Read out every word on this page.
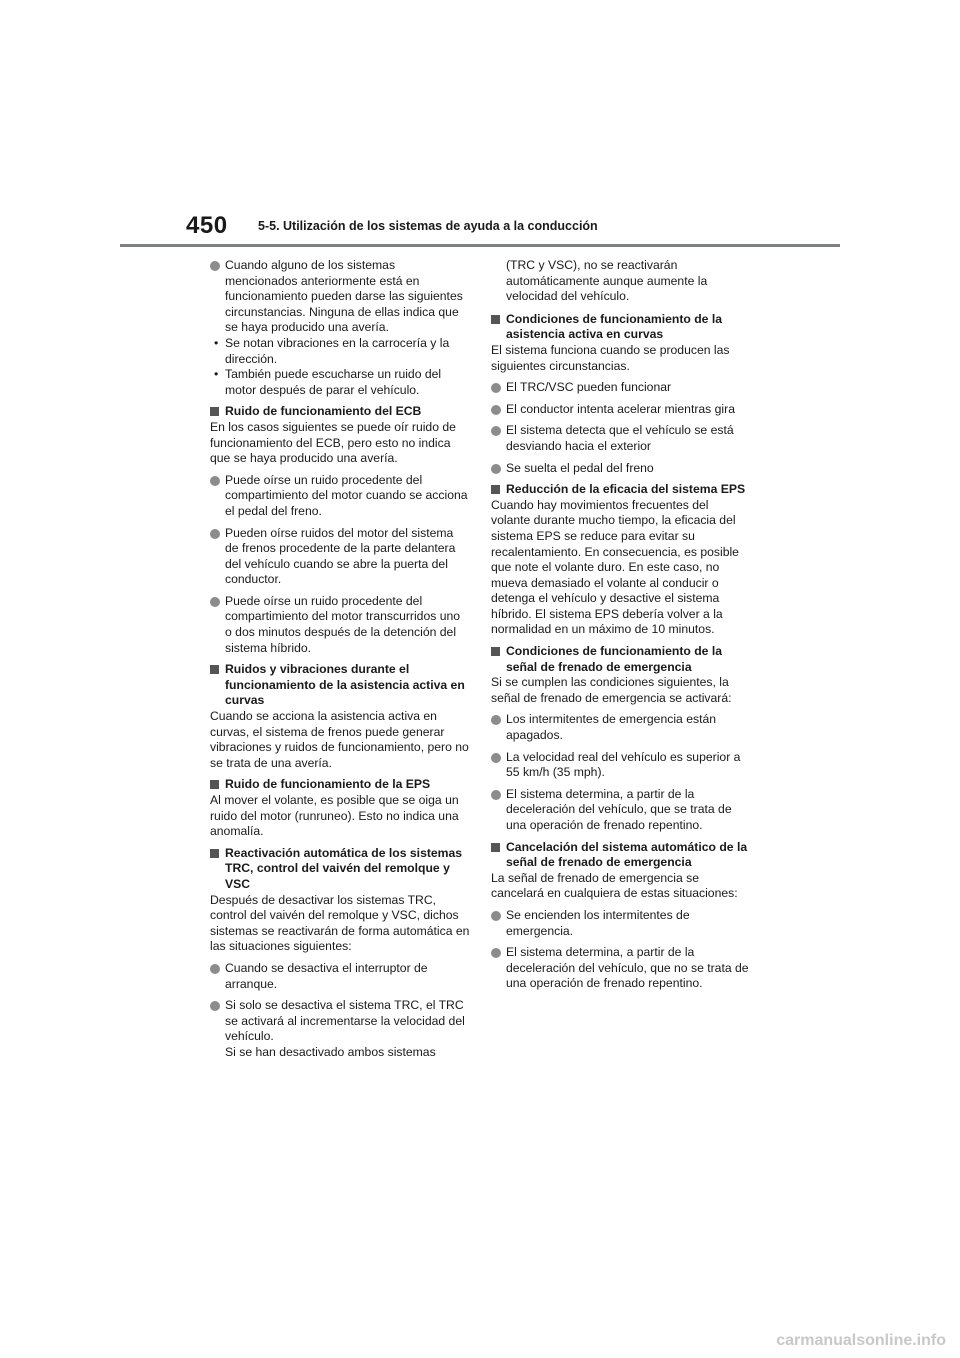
450 5-5. Utilización de los sistemas de ayuda a la conducción
Cuando alguno de los sistemas mencionados anteriormente está en funcionamiento pueden darse las siguientes circunstancias. Ninguna de ellas indica que se haya producido una avería.
• Se notan vibraciones en la carrocería y la dirección.
• También puede escucharse un ruido del motor después de parar el vehículo.
Ruido de funcionamiento del ECB

En los casos siguientes se puede oír ruido de funcionamiento del ECB, pero esto no indica que se haya producido una avería.

Puede oírse un ruido procedente del compartimiento del motor cuando se acciona el pedal del freno.
Pueden oírse ruidos del motor del sistema de frenos procedente de la parte delantera del vehículo cuando se abre la puerta del conductor.
Puede oírse un ruido procedente del compartimiento del motor transcurridos uno o dos minutos después de la detención del sistema híbrido.
Ruidos y vibraciones durante el funcionamiento de la asistencia activa en curvas

Cuando se acciona la asistencia activa en curvas, el sistema de frenos puede generar vibraciones y ruidos de funcionamiento, pero no se trata de una avería.

Ruido de funcionamiento de la EPS

Al mover el volante, es posible que se oiga un ruido del motor (runruneo). Esto no indica una anomalía.

Reactivación automática de los sistemas TRC, control del vaivén del remolque y VSC

Después de desactivar los sistemas TRC, control del vaivén del remolque y VSC, dichos sistemas se reactivarán de forma automática en las situaciones siguientes:

Cuando se desactiva el interruptor de arranque.
Si solo se desactiva el sistema TRC, el TRC se activará al incrementarse la velocidad del vehículo.
Si se han desactivado ambos sistemas

(TRC y VSC), no se reactivarán automáticamente aunque aumente la velocidad del vehículo.

Condiciones de funcionamiento de la asistencia activa en curvas

El sistema funciona cuando se producen las siguientes circunstancias.

El TRC/VSC pueden funcionar
El conductor intenta acelerar mientras gira
El sistema detecta que el vehículo se está desviando hacia el exterior
Se suelta el pedal del freno
Reducción de la eficacia del sistema EPS

Cuando hay movimientos frecuentes del volante durante mucho tiempo, la eficacia del sistema EPS se reduce para evitar su recalentamiento. En consecuencia, es posible que note el volante duro. En este caso, no mueva demasiado el volante al conducir o detenga el vehículo y desactive el sistema híbrido. El sistema EPS debería volver a la normalidad en un máximo de 10 minutos.

Condiciones de funcionamiento de la señal de frenado de emergencia

Si se cumplen las condiciones siguientes, la señal de frenado de emergencia se activará:

Los intermitentes de emergencia están apagados.
La velocidad real del vehículo es superior a 55 km/h (35 mph).
El sistema determina, a partir de la deceleración del vehículo, que se trata de una operación de frenado repentino.
Cancelación del sistema automático de la señal de frenado de emergencia

La señal de frenado de emergencia se cancelará en cualquiera de estas situaciones:

Se encienden los intermitentes de emergencia.
El sistema determina, a partir de la deceleración del vehículo, que no se trata de una operación de frenado repentino.
carmanualsonline.info
